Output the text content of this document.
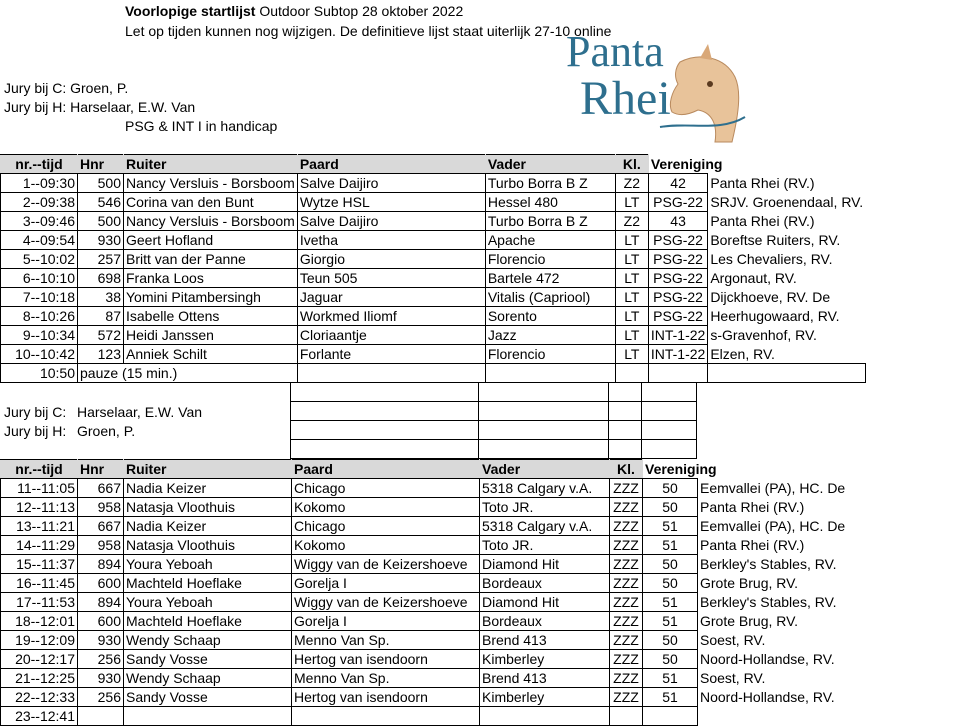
Voorlopige startlijst Outdoor Subtop 28 oktober 2022
Let op tijden kunnen nog wijzigen. De definitieve lijst staat uiterlijk 27-10 online
Jury bij C: Groen, P.
Jury bij H: Harselaar, E.W. Van
PSG & INT I in handicap
Panta
Rhei
nr.--tijd	Hnr	Ruiter	Paard	Vader	Kl.	Vereniging	
1--09:30	500	Nancy Versluis - Borsboom	Salve Daijiro	Turbo Borra B Z	Z2	42	Panta Rhei (RV.)
2--09:38	546	Corina van den Bunt	Wytze HSL	Hessel 480	LT	PSG-22	SRJV. Groenendaal, RV.
3--09:46	500	Nancy Versluis - Borsboom	Salve Daijiro	Turbo Borra B Z	Z2	43	Panta Rhei (RV.)
4--09:54	930	Geert Hofland	Ivetha	Apache	LT	PSG-22	Boreftse Ruiters, RV.
5--10:02	257	Britt van der Panne	Giorgio	Florencio	LT	PSG-22	Les Chevaliers, RV.
6--10:10	698	Franka Loos	Teun 505	Bartele 472	LT	PSG-22	Argonaut, RV.
7--10:18	38	Yomini Pitambersingh	Jaguar	Vitalis (Capriool)	LT	PSG-22	Dijckhoeve, RV. De
8--10:26	87	Isabelle Ottens	Workmed Iliomf	Sorento	LT	PSG-22	Heerhugowaard, RV.
9--10:34	572	Heidi Janssen	Cloriaantje	Jazz	LT	INT-1-22	s-Gravenhof, RV.
10--10:42	123	Anniek Schilt	Forlante	Florencio	LT	INT-1-22	Elzen, RV.
10:50	pauze (15 min.)						
Jury bij C: Harselaar, E.W. Van
Jury bij H: Groen, P.

nr.--tijd	Hnr	Ruiter	Paard	Vader	Kl.	Vereniging	
11--11:05	667	Nadia Keizer	Chicago	5318 Calgary v.A.	ZZZ	50	Eemvallei (PA), HC. De
12--11:13	958	Natasja Vloothuis	Kokomo	Toto JR.	ZZZ	50	Panta Rhei (RV.)
13--11:21	667	Nadia Keizer	Chicago	5318 Calgary v.A.	ZZZ	51	Eemvallei (PA), HC. De
14--11:29	958	Natasja Vloothuis	Kokomo	Toto JR.	ZZZ	51	Panta Rhei (RV.)
15--11:37	894	Youra Yeboah	Wiggy van de Keizershoeve	Diamond Hit	ZZZ	50	Berkley's Stables, RV.
16--11:45	600	Machteld Hoeflake	Gorelja I	Bordeaux	ZZZ	50	Grote Brug, RV.
17--11:53	894	Youra Yeboah	Wiggy van de Keizershoeve	Diamond Hit	ZZZ	51	Berkley's Stables, RV.
18--12:01	600	Machteld Hoeflake	Gorelja I	Bordeaux	ZZZ	51	Grote Brug, RV.
19--12:09	930	Wendy Schaap	Menno Van Sp.	Brend 413	ZZZ	50	Soest, RV.
20--12:17	256	Sandy Vosse	Hertog van isendoorn	Kimberley	ZZZ	50	Noord-Hollandse, RV.
21--12:25	930	Wendy Schaap	Menno Van Sp.	Brend 413	ZZZ	51	Soest, RV.
22--12:33	256	Sandy Vosse	Hertog van isendoorn	Kimberley	ZZZ	51	Noord-Hollandse, RV.
23--12:41							
